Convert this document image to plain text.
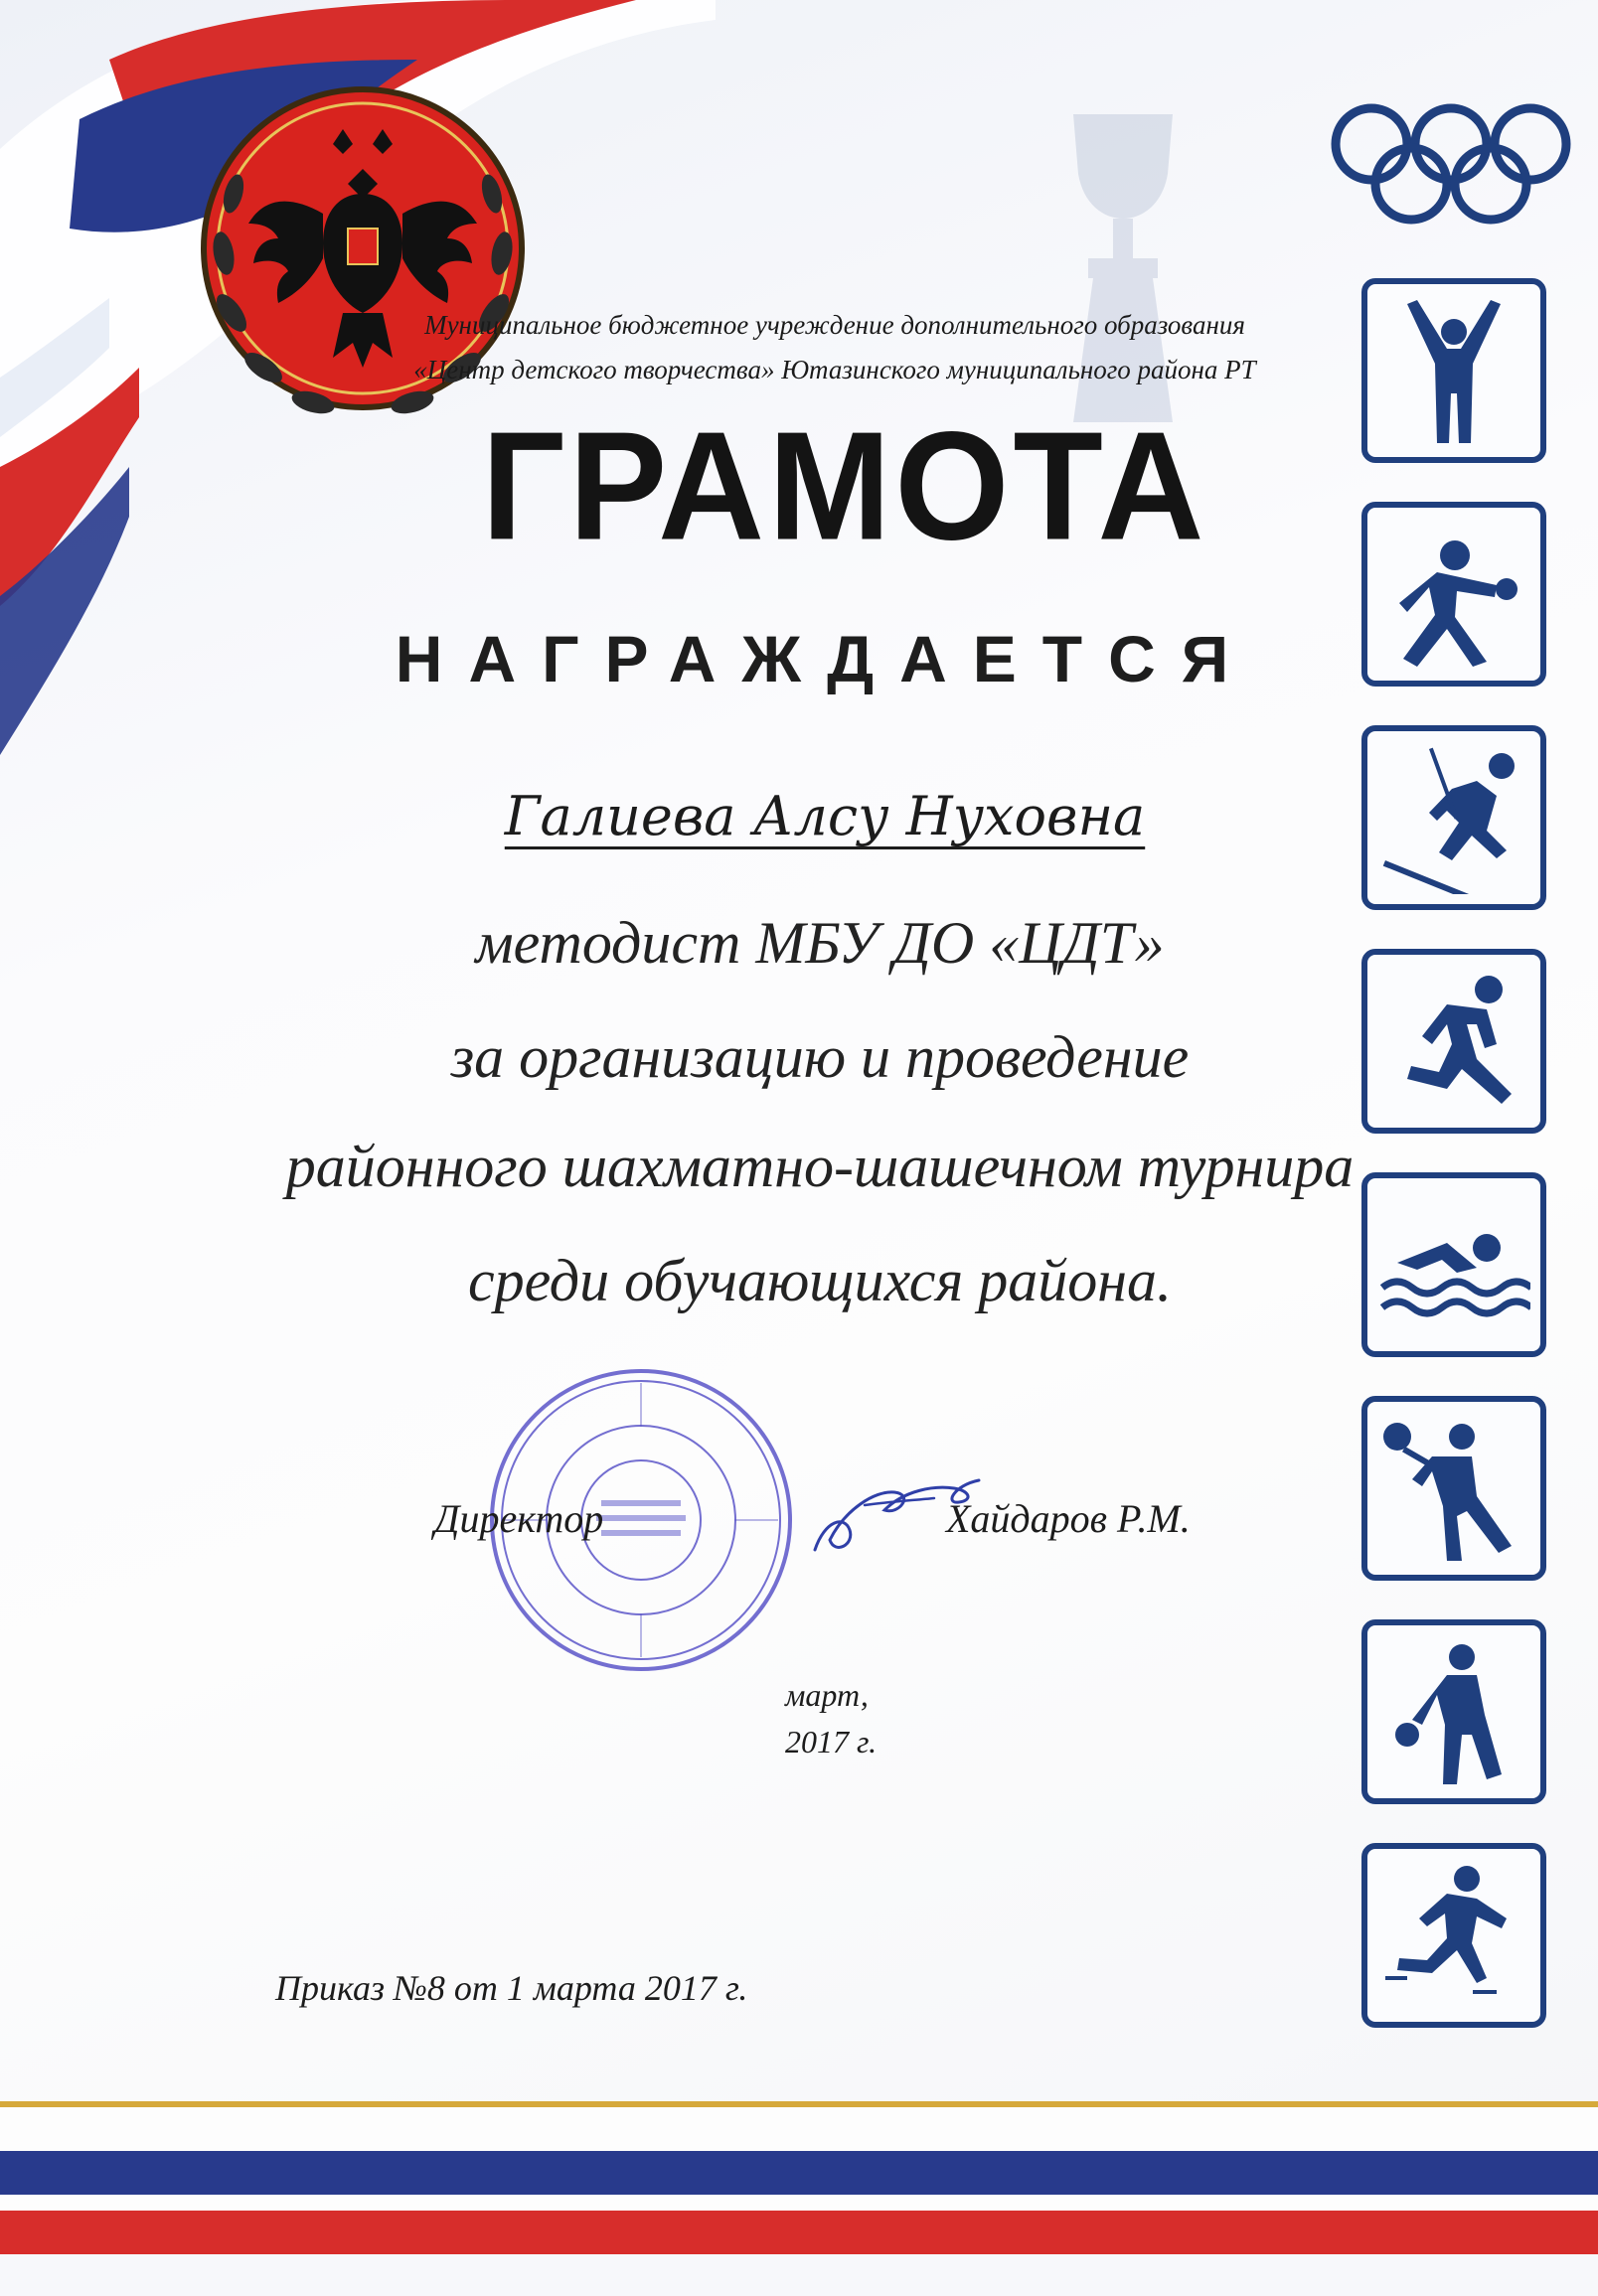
Муниципальное бюджетное учреждение дополнительного образования
«Центр детского творчества» Ютазинского муниципального района РТ
ГРАМОТА
НАГРАЖДАЕТСЯ
Галиева Алсу Нуховна
методист МБУ ДО «ЦДТ»
за организацию и проведение
районного шахматно-шашечном турнира
среди обучающихся района.
Директор	Хайдаров Р.М.
март,
2017 г.
Приказ №8 от 1 марта 2017 г.
